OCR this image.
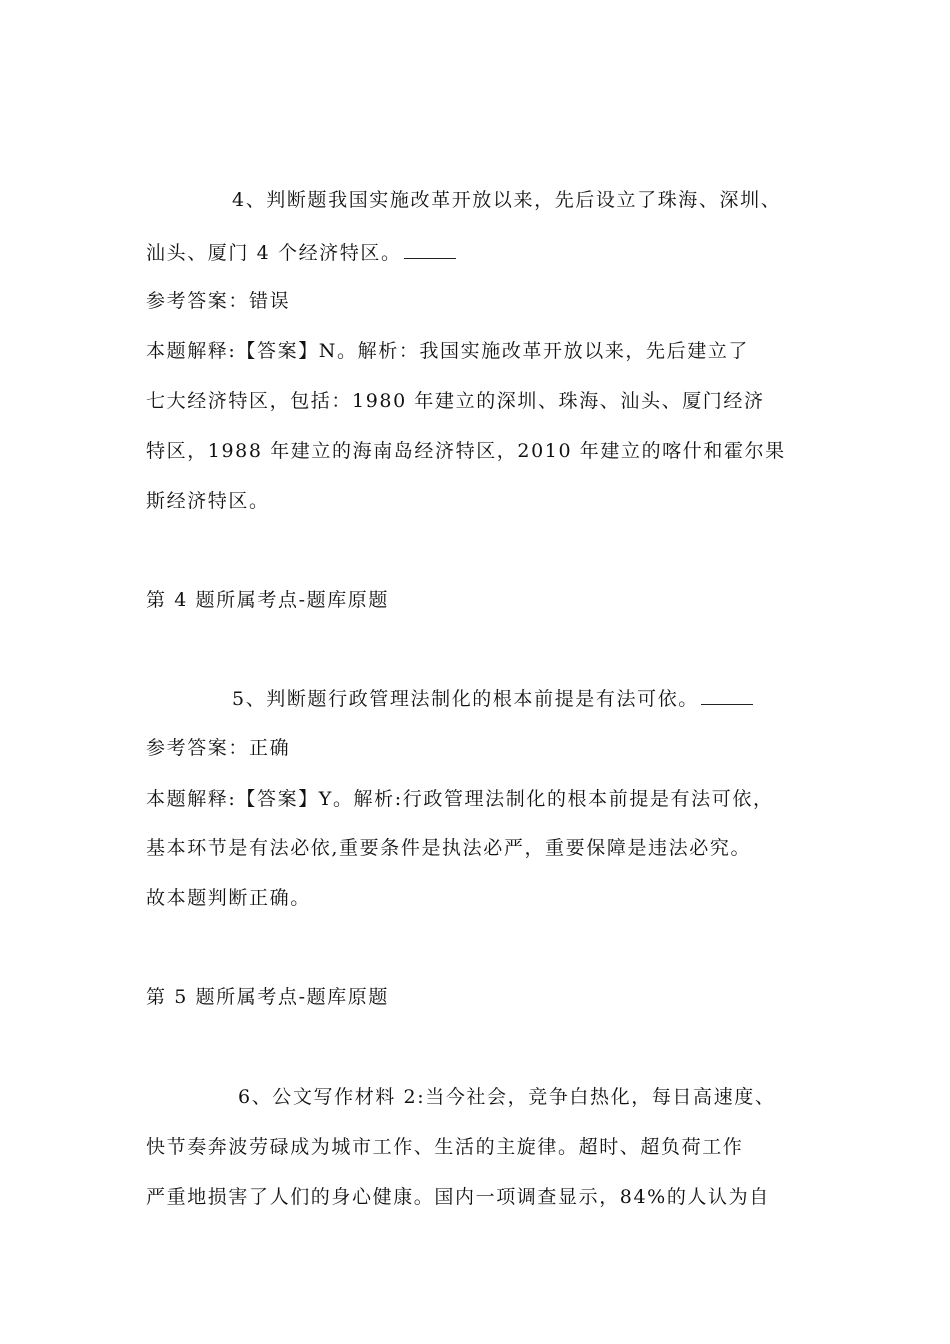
4、判断题我国实施改革开放以来，先后设立了珠海、深圳、
汕头、厦门 4 个经济特区。
参考答案：错误
本题解释:【答案】N。解析：我国实施改革开放以来，先后建立了
七大经济特区，包括：1980 年建立的深圳、珠海、汕头、厦门经济
特区，1988 年建立的海南岛经济特区，2010 年建立的喀什和霍尔果
斯经济特区。
第 4 题所属考点-题库原题
5、判断题行政管理法制化的根本前提是有法可依。
参考答案：正确
本题解释:【答案】Y。解析:行政管理法制化的根本前提是有法可依，
基本环节是有法必依,重要条件是执法必严，重要保障是违法必究。
故本题判断正确。
第 5 题所属考点-题库原题
6、公文写作材料 2:当今社会，竞争白热化，每日高速度、
快节奏奔波劳碌成为城市工作、生活的主旋律。超时、超负荷工作
严重地损害了人们的身心健康。国内一项调查显示，84%的人认为自
